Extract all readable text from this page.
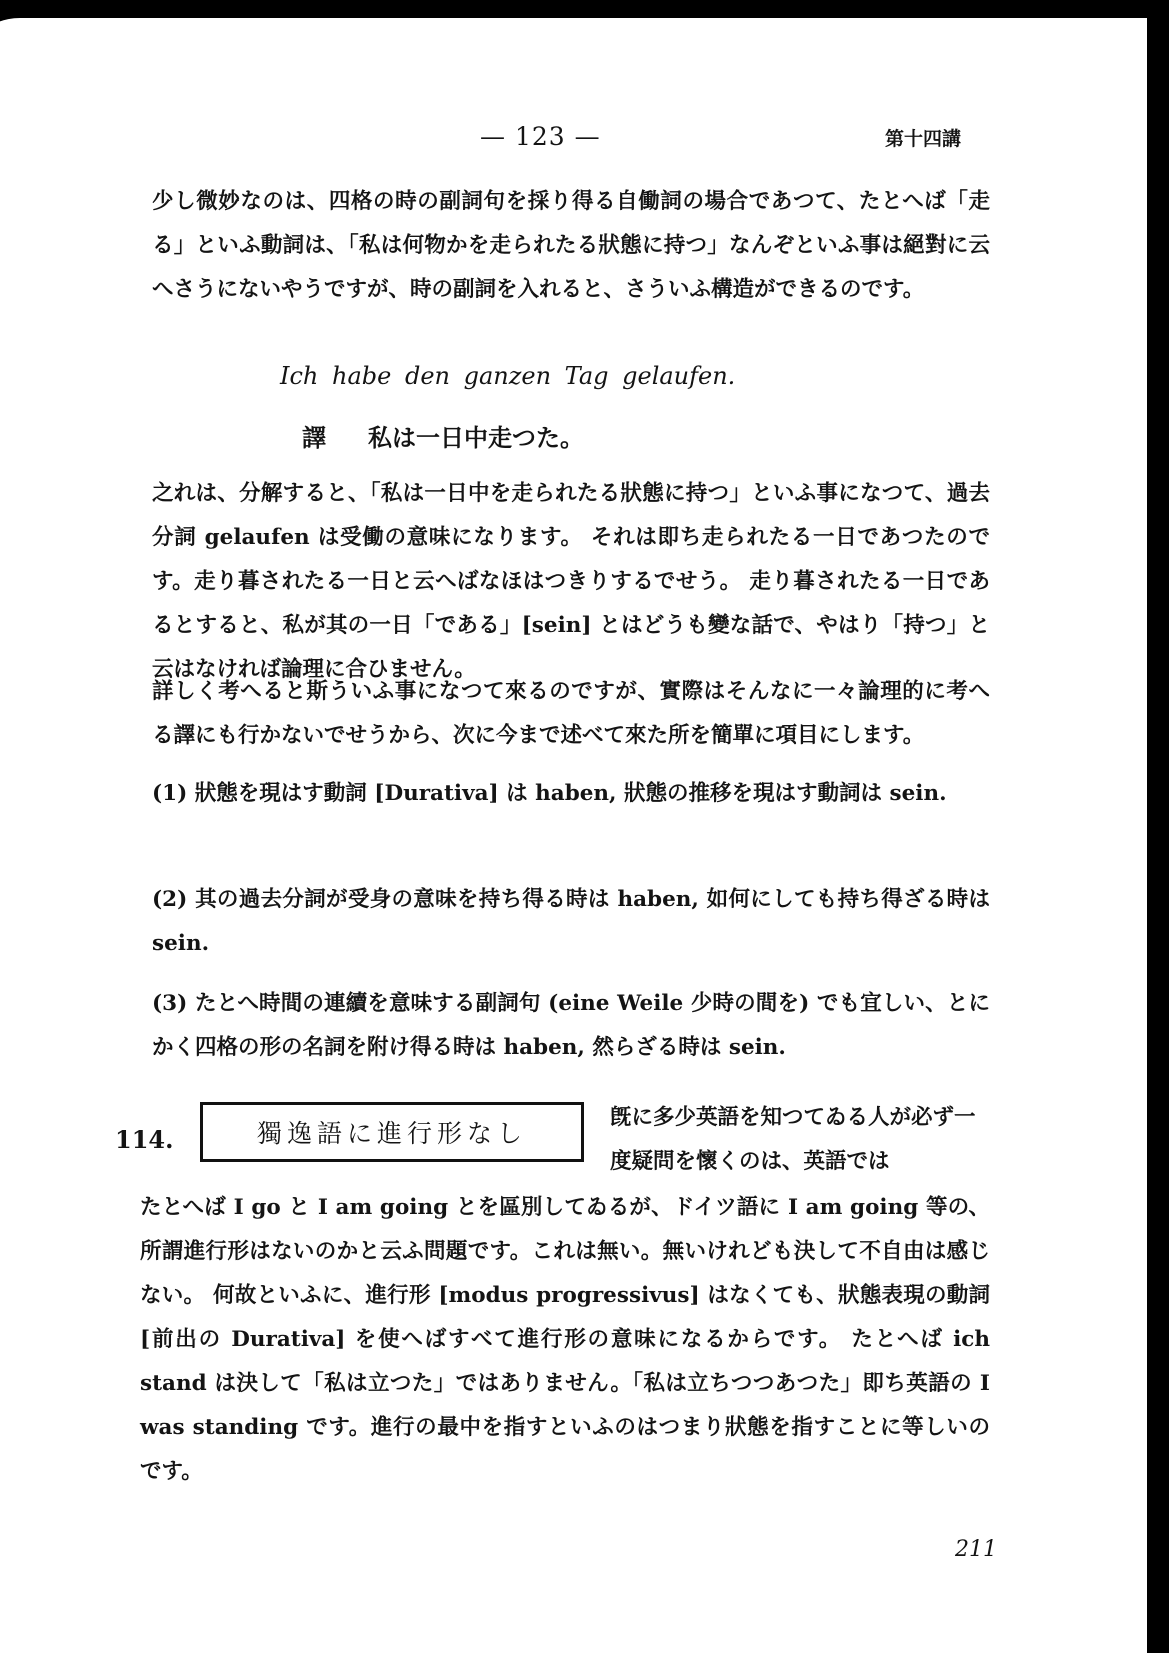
— 123 —	第十四講

少し微妙なのは、四格の時の副詞句を採り得る自働詞の場合であつて、たとへば「走る」といふ動詞は、「私は何物かを走られたる狀態に持つ」なんぞといふ事は絕對に云へさうにないやうですが、時の副詞を入れると、さういふ構造ができるのです。

Ich habe den ganzen Tag gelaufen.
譯 私は一日中走つた。

之れは、分解すると、「私は一日中を走られたる狀態に持つ」といふ事になつて、過去分詞 gelaufen は受働の意味になります。 それは即ち走られたる一日であつたのです。走り暮されたる一日と云へばなほはつきりするでせう。 走り暮されたる一日であるとすると、私が其の一日「である」[sein] とはどうも變な話で、やはり「持つ」と云はなければ論理に合ひません。

詳しく考へると斯ういふ事になつて來るのですが、實際はそんなに一々論理的に考へる譯にも行かないでせうから、次に今まで述べて來た所を簡單に項目にします。

(1) 狀態を現はす動詞 [Durativa] は haben, 狀態の推移を現はす動詞は sein.

(2) 其の過去分詞が受身の意味を持ち得る時は haben, 如何にしても持ち得ざる時は sein.

(3) たとへ時間の連續を意味する副詞句 (eine Weile 少時の間を) でも宜しい、とにかく四格の形の名詞を附け得る時は haben, 然らざる時は sein.

114.	獨逸語に進行形なし

旣に多少英語を知つてゐる人が必ず一度疑問を懷くのは、英語では

たとへば I go と I am going とを區別してゐるが、ドイツ語に I am going 等の、所謂進行形はないのかと云ふ問題です。これは無い。無いけれども決して不自由は感じない。 何故といふに、進行形 [modus progressivus] はなくても、狀態表現の動詞 [前出の Durativa] を使へばすべて進行形の意味になるからです。 たとへば ich stand は決して「私は立つた」ではありません。「私は立ちつつあつた」即ち英語の I was standing です。進行の最中を指すといふのはつまり狀態を指すことに等しいのです。

211
